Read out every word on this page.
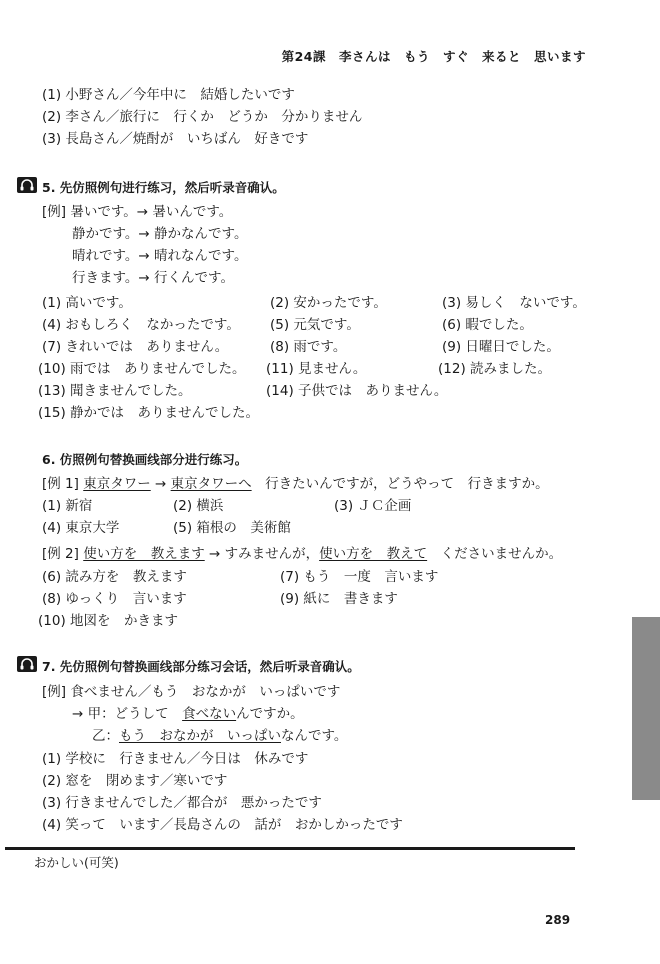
第24課　李さんは　もう　すぐ　来ると　思います
(1) 小野さん／今年中に　結婚したいです
(2) 李さん／旅行に　行くか　どうか　分かりません
(3) 長島さん／焼酎が　いちばん　好きです
5. 先仿照例句进行练习，然后听录音确认。
[例] 暑いです。→ 暑いんです。
静かです。→ 静かなんです。
晴れです。→ 晴れなんです。
行きます。→ 行くんです。
(1) 高いです。	(2) 安かったです。	(3) 易しく　ないです。
(4) おもしろく　なかったです。 (5) 元気です。	(6) 暇でした。
(7) きれいでは　ありません。	(8) 雨です。	(9) 日曜日でした。
(10) 雨では　ありませんでした。 (11) 見ません。	(12) 読みました。
(13) 聞きませんでした。	(14) 子供では　ありません。
(15) 静かでは　ありませんでした。
6. 仿照例句替换画线部分进行练习。
[例 1] 東京タワー → 東京タワーへ　行きたいんですが，どうやって　行きますか。
(1) 新宿	(2) 横浜	(3) ＪＣ企画
(4) 東京大学	(5) 箱根の　美術館
[例 2] 使い方を　教えます → すみませんが，使い方を　教えて　くださいませんか。
(6) 読み方を　教えます	(7) もう　一度　言います
(8) ゆっくり　言います	(9) 紙に　書きます
(10) 地図を　かきます
7. 先仿照例句替换画线部分练习会话，然后听录音确认。
[例] 食べません／もう　おなかが　いっぱいです
→ 甲：どうして　食べないんですか。
乙：もう　おなかが　いっぱいなんです。
(1) 学校に　行きません／今日は　休みです
(2) 窓を　閉めます／寒いです
(3) 行きませんでした／都合が　悪かったです
(4) 笑って　います／長島さんの　話が　おかしかったです
おかしい(可笑)
289
